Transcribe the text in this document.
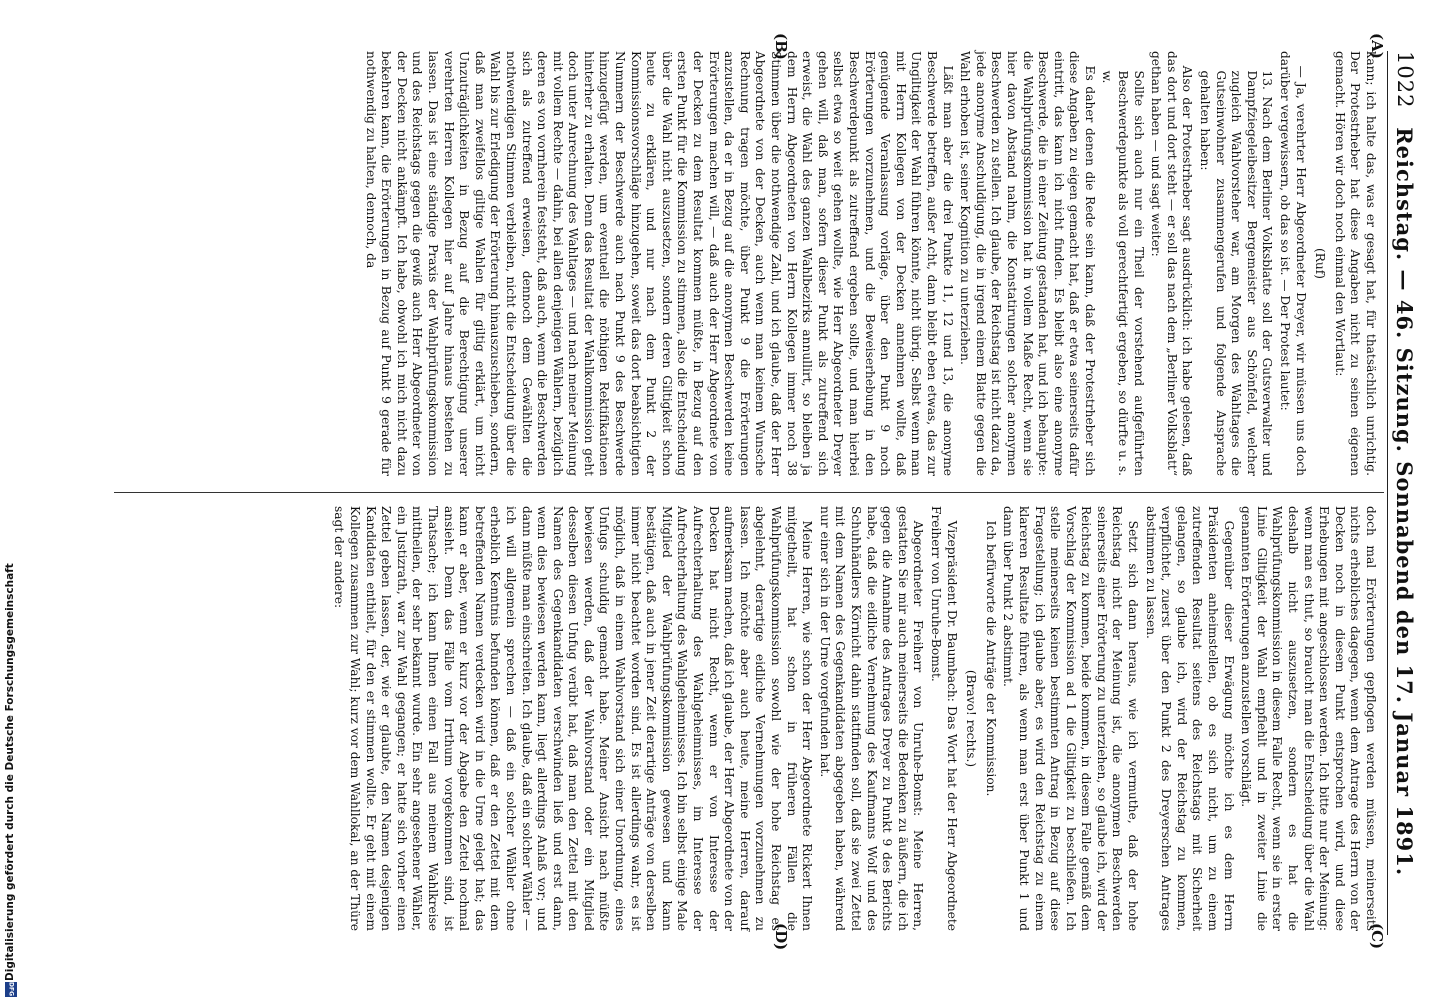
1022
Reichstag. — 46. Sitzung. Sonnabend den 17. Januar 1891.
(A)
(B)
(C)
(D)

kann; ich halte das, was er gesagt hat, für thatsächlich unrichtig. Der Protestrheber hat diese Angaben nicht zu seinen eigenen gemacht. Hören wir doch noch einmal den Wortlaut:

(Ruf)

— Ja, verehrter Herr Abgeordneter Dreyer, wir müssen uns doch darüber vergewissern, ob das so ist. — Der Protest lautet:

13. Nach dem Berliner Volksblatte soll der Gutsverwalter und Dampfziegeleibesitzer Bergemeister aus Schönfeld, welcher zugleich Wahlvorsteher war, am Morgen des Wahltages die Gutseinwohner zusammengerufen und folgende Ansprache gehalten haben:

Also der Protestrheber sagt ausdrücklich: ich habe gelesen, daß das dort und dort steht — er soll das nach dem „Berliner Volksblatt“ gethan haben — und sagt weiter:

Sollte sich auch nur ein Theil der vorstehend aufgeführten Beschwerdepunkte als voll gerechtfertigt ergeben, so dürfte u. s. w.

Es daher denen die Rede sein kann, daß der Protestrheber sich diese Angaben zu eigen gemacht hat, daß er etwa seinerseits dafür eintritt, das kann ich nicht finden. Es bleibt also eine anonyme Beschwerde, die in einer Zeitung gestanden hat, und ich behaupte: die Wahlprüfungskommission hat in vollem Maße Recht, wenn sie hier davon Abstand nahm, die Konstatirungen solcher anonymen Beschwerden zu stellen. Ich glaube, der Reichstag ist nicht dazu da, jede anonyme Anschuldigung, die in irgend einem Blatte gegen die Wahl erhoben ist, seiner Kognition zu unterziehen.

Läßt man aber die drei Punkte 11, 12 und 13, die anonyme Beschwerde betreffen, außer Acht, dann bleibt eben etwas, das zur Ungiltigkeit der Wahl führen könnte, nicht übrig. Selbst wenn man mit Herrn Kollegen von der Decken annehmen wollte, daß genügende Veranlassung vorläge, über den Punkt 9 noch Erörterungen vorzunehmen, und die Beweiserhebung in den Beschwerdepunkt als zutreffend ergeben sollte, und man hierbei selbst etwa so weit gehen wollte, wie Herr Abgeordneter Dreyer gehen will, daß man, sofern dieser Punkt als zutreffend sich erweist, die Wahl des ganzen Wahlbezirks annullirt, so bleiben ja dem Herrn Abgeordneten von Herrn Kollegen immer noch 38 Stimmen über die nothwendige Zahl, und ich glaube, daß der Herr Abgeordnete von der Decken, auch wenn man keinem Wunsche Rechnung tragen möchte, über Punkt 9 die Erörterungen anzustellen, da er in Bezug auf die anonymen Beschwerden keine Erörterungen machen will, — daß auch der Herr Abgeordnete von der Decken zu dem Resultat kommen müßte, in Bezug auf den ersten Punkt für die Kommission zu stimmen, also die Entscheidung über die Wahl nicht auszusetzen, sondern deren Giltigkeit schon heute zu erklären, und nur nach dem Punkt 2 der Kommissionsvorschläge hinzugehen, soweit das dort beabsichtigten Nummern der Beschwerde auch nach Punkt 9 des Beschwerde hinzugefügt werden, um eventuell die nöthigen Rektifikationen hinterher zu erhalten. Denn das Resultat der Wahlkommission geht doch unter Anrechnung des Wahltages — und nach meiner Meinung mit vollem Rechte — dahin, bei allen denjenigen Wählern, bezüglich deren es von vornherein feststeht, daß auch, wenn die Beschwerden sich als zutreffend erweisen, dennoch dem Gewählten die nothwendigen Stimmen verbleiben, nicht die Entscheidung über die Wahl bis zur Erledigung der Erörterung hinauszuschieben, sondern, daß man zweifellos giltige Wahlen für giltig erklärt, um nicht Unzuträglichkeiten in Bezug auf die Berechtigung unserer verehrten Herren Kollegen hier auf Jahre hinaus bestehen zu lassen. Das ist eine ständige Praxis der Wahlprüfungskommission und des Reichstags gegen die gewiß auch Herr Abgeordneter von der Decken nicht ankämpft. Ich habe, obwohl ich mich nicht dazu bekehren kann, die Erörterungen in Bezug auf Punkt 9 gerade für nothwendig zu halten, dennoch, da

doch mal Erörterungen gepflogen werden müssen, meinerseits nichts erhebliches dagegen, wenn dem Antrage des Herrn von der Decken noch in diesem Punkt entsprochen wird, und diese Erhebungen mit angeschlossen werden. Ich bitte nur der Meinung: wenn man es thut, so braucht man die Entscheidung über die Wahl deshalb nicht auszusetzen, sondern es hat die Wahlprüfungskommission in diesem Falle Recht, wenn sie in erster Linie Giltigkeit der Wahl empfiehlt und in zweiter Linie die genannten Erörterungen anzustellen vorschlägt.

Gegenüber dieser Erwägung möchte ich es dem Herrn Präsidenten anheimstellen, ob es sich nicht, um zu einem zutreffenden Resultat seitens des Reichstags mit Sicherheit gelangen, so glaube ich, wird der Reichstag zu kommen, verpflichtet, zuerst über den Punkt 2 des Dreyerschen Antrages abstimmen zu lassen.

Setzt sich dann heraus, wie ich vermuthe, daß der hohe Reichstag nicht der Meinung ist, die anonymen Beschwerden seinerseits einer Erörterung zu unterziehen, so glaube ich, wird der Reichstag zu kommen, beide kommen, in diesem Falle gemäß dem Vorschlag der Kommission ad 1 die Giltigkeit zu beschließen. Ich stelle meinerseits keinen bestimmten Antrag in Bezug auf diese Fragestellung; ich glaube aber, es wird den Reichstag zu einem klareren Resultate führen, als wenn man erst über Punkt 1 und dann über Punkt 2 abstimmt.

Ich befürworte die Anträge der Kommission.

(Bravo! rechts.)

Vizepräsident Dr. Baumbach: Das Wort hat der Herr Abgeordnete Freiherr von Unruhe-Bomst.

Abgeordneter Freiherr von Unruhe-Bomst: Meine Herren, gestatten Sie mir auch meinerseits die Bedenken zu äußern, die ich gegen die Annahme des Antrages Dreyer zu Punkt 9 des Berichts habe, daß die eidliche Vernehmung des Kaufmanns Wolf und des Schuhhändlers Körnicht dahin stattfinden soll, daß sie zwei Zettel mit dem Namen des Gegenkandidaten abgegeben haben, während nur einer sich in der Urne vorgefunden hat.

Meine Herren, wie schon der Herr Abgeordnete Rickert Ihnen mitgetheilt, hat schon in früheren Fällen die Wahlprüfungskommission sowohl wie der hohe Reichstag es abgelehnt, derartige eidliche Vernehmungen vorzunehmen zu lassen. Ich möchte aber auch heute, meine Herren, darauf aufmerksam machen, daß ich glaube, der Herr Abgeordnete von der Decken hat nicht Recht, wenn er von Interesse der Aufrechterhaltung des Wahlgeheimnisses, im Interesse der Aufrechterhaltung des Wahlgeheimnisses. Ich bin selbst einige Male Mitglied der Wahlprüfungskommission gewesen und kann bestätigen, daß auch in jener Zeit derartige Anträge von derselben immer nicht beachtet worden sind. Es ist allerdings wahr, es ist möglich, daß in einem Wahlvorstand sich einer Unordnung, eines Unfugs schuldig gemacht habe. Meiner Ansicht nach müßte bewiesen werden, daß der Wahlvorstand oder ein Mitglied desselben diesen Unfug verübt hat, daß man den Zettel mit den Namen des Gegenkandidaten verschwinden ließ und erst dann, wenn dies bewiesen werden kann, liegt allerdings Anlaß vor; und dann müßte man einschreiten. Ich glaube, daß ein solcher Wähler — ich will allgemein sprechen — daß ein solcher Wähler ohne erheblich Kenntnis befunden können, daß er den Zettel mit dem betreffenden Namen verdecken wird in die Urne gelegt hat; das kann er aber, wenn er kurz vor der Abgabe den Zettel nochmal ansieht. Denn das Fälle vom Irrthum vorgekommen sind, ist Thatsache; ich kann Ihnen einen Fall aus meinem Wahlkreise mittheilen, der sehr bekannt wurde. Ein sehr angesehener Wähler, ein Justizrath, war zur Wahl gegangen; er hatte sich vorher einen Zettel geben lassen, der, wie er glaubte, den Namen desjenigen Kandidaten enthielt, für den er stimmen wollte. Er geht mit einem Kollegen zusammen zur Wahl; kurz vor dem Wahllokal, an der Thüre sagt der andere:

Digitalisierung gefördert durch die Deutsche Forschungsgemeinschaft
DFG
